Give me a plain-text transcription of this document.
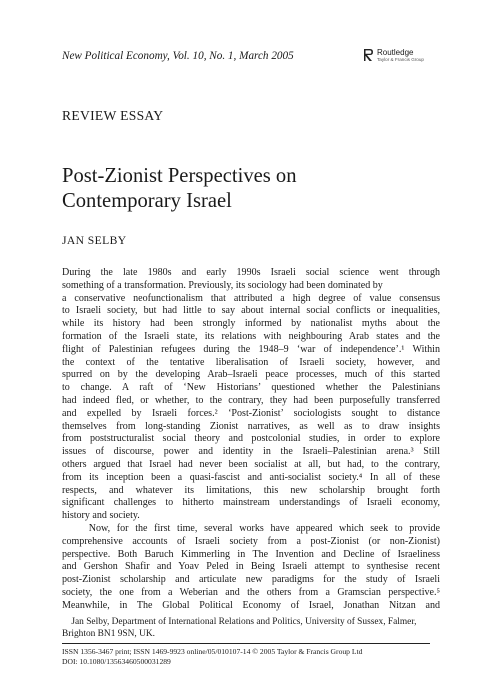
New Political Economy, Vol. 10, No. 1, March 2005	Routledge
Taylor & Francis Group
REVIEW ESSAY
Post-Zionist Perspectives on
Contemporary Israel
JAN SELBY
During the late 1980s and early 1990s Israeli social science went through
something of a transformation. Previously, its sociology had been dominated by
a conservative neofunctionalism that attributed a high degree of value consensus
to Israeli society, but had little to say about internal social conflicts or inequalities,
while its history had been strongly informed by nationalist myths about the
formation of the Israeli state, its relations with neighbouring Arab states and the
flight of Palestinian refugees during the 1948–9 ‘war of independence’.¹ Within
the context of the tentative liberalisation of Israeli society, however, and
spurred on by the developing Arab–Israeli peace processes, much of this started
to change. A raft of ‘New Historians’ questioned whether the Palestinians
had indeed fled, or whether, to the contrary, they had been purposefully transferred
and expelled by Israeli forces.² ‘Post-Zionist’ sociologists sought to distance
themselves from long-standing Zionist narratives, as well as to draw insights
from poststructuralist social theory and postcolonial studies, in order to explore
issues of discourse, power and identity in the Israeli–Palestinian arena.³ Still
others argued that Israel had never been socialist at all, but had, to the contrary,
from its inception been a quasi-fascist and anti-socialist society.⁴ In all of these
respects, and whatever its limitations, this new scholarship brought forth
significant challenges to hitherto mainstream understandings of Israeli economy,
history and society.
Now, for the first time, several works have appeared which seek to provide
comprehensive accounts of Israeli society from a post-Zionist (or non-Zionist)
perspective. Both Baruch Kimmerling in The Invention and Decline of Israeliness
and Gershon Shafir and Yoav Peled in Being Israeli attempt to synthesise recent
post-Zionist scholarship and articulate new paradigms for the study of Israeli
society, the one from a Weberian and the others from a Gramscian perspective.⁵
Meanwhile, in The Global Political Economy of Israel, Jonathan Nitzan and
Jan Selby, Department of International Relations and Politics, University of Sussex, Falmer,
Brighton BN1 9SN, UK.
ISSN 1356-3467 print; ISSN 1469-9923 online/05/010107-14 © 2005 Taylor & Francis Group Ltd
DOI: 10.1080/1356346050003128​9
